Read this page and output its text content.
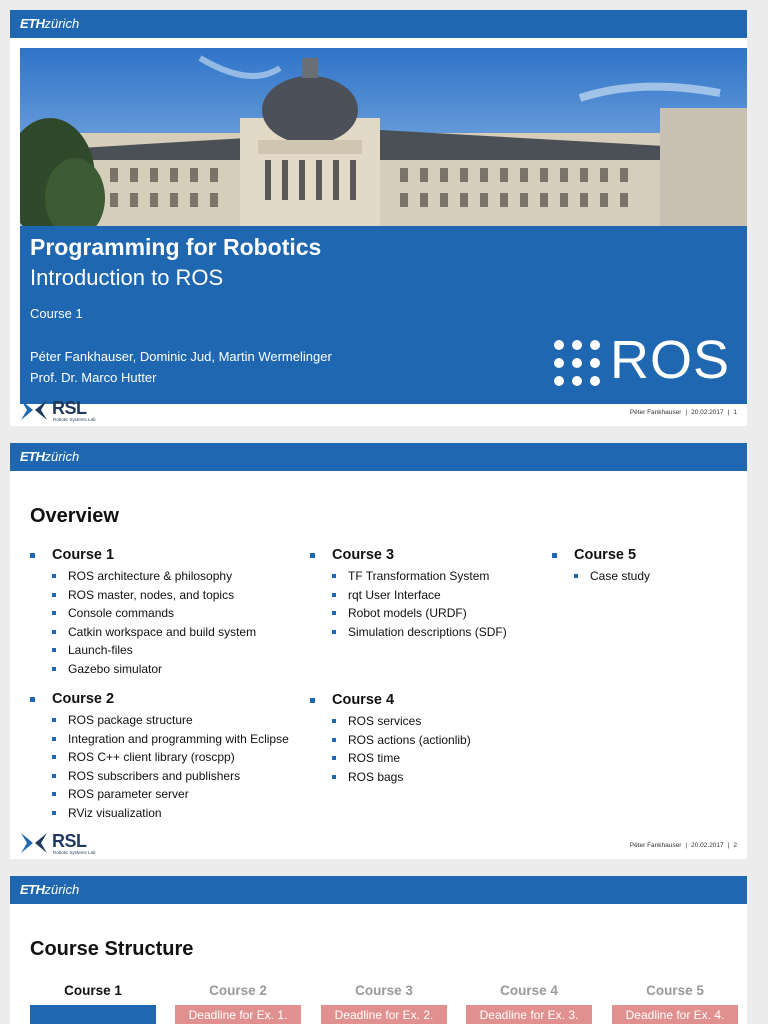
ETHzürich
Programming for Robotics
Introduction to ROS
Course 1
Péter Fankhauser, Dominic Jud, Martin Wermelinger
Prof. Dr. Marco Hutter	ROS
RSL
Robotic Systems Lab
Péter Fankhauser | 20.02.2017 | 1
ETHzürich
Overview
Course 1
ROS architecture & philosophy
ROS master, nodes, and topics
Console commands
Catkin workspace and build system
Launch-files
Gazebo simulator
Course 2
ROS package structure
Integration and programming with Eclipse
ROS C++ client library (roscpp)
ROS subscribers and publishers
ROS parameter server
RViz visualization
Course 3
TF Transformation System
rqt User Interface
Robot models (URDF)
Simulation descriptions (SDF)
Course 4
ROS services
ROS actions (actionlib)
ROS time
ROS bags
Course 5
Case study
RSL
Robotic Systems Lab
Péter Fankhauser | 20.02.2017 | 2
ETHzürich
Course Structure
Course 1	Course 2
Deadline for Ex. 1.
Course 3
Deadline for Ex. 2.
Course 4
Deadline for Ex. 3.
Course 5
Deadline for Ex. 4.
